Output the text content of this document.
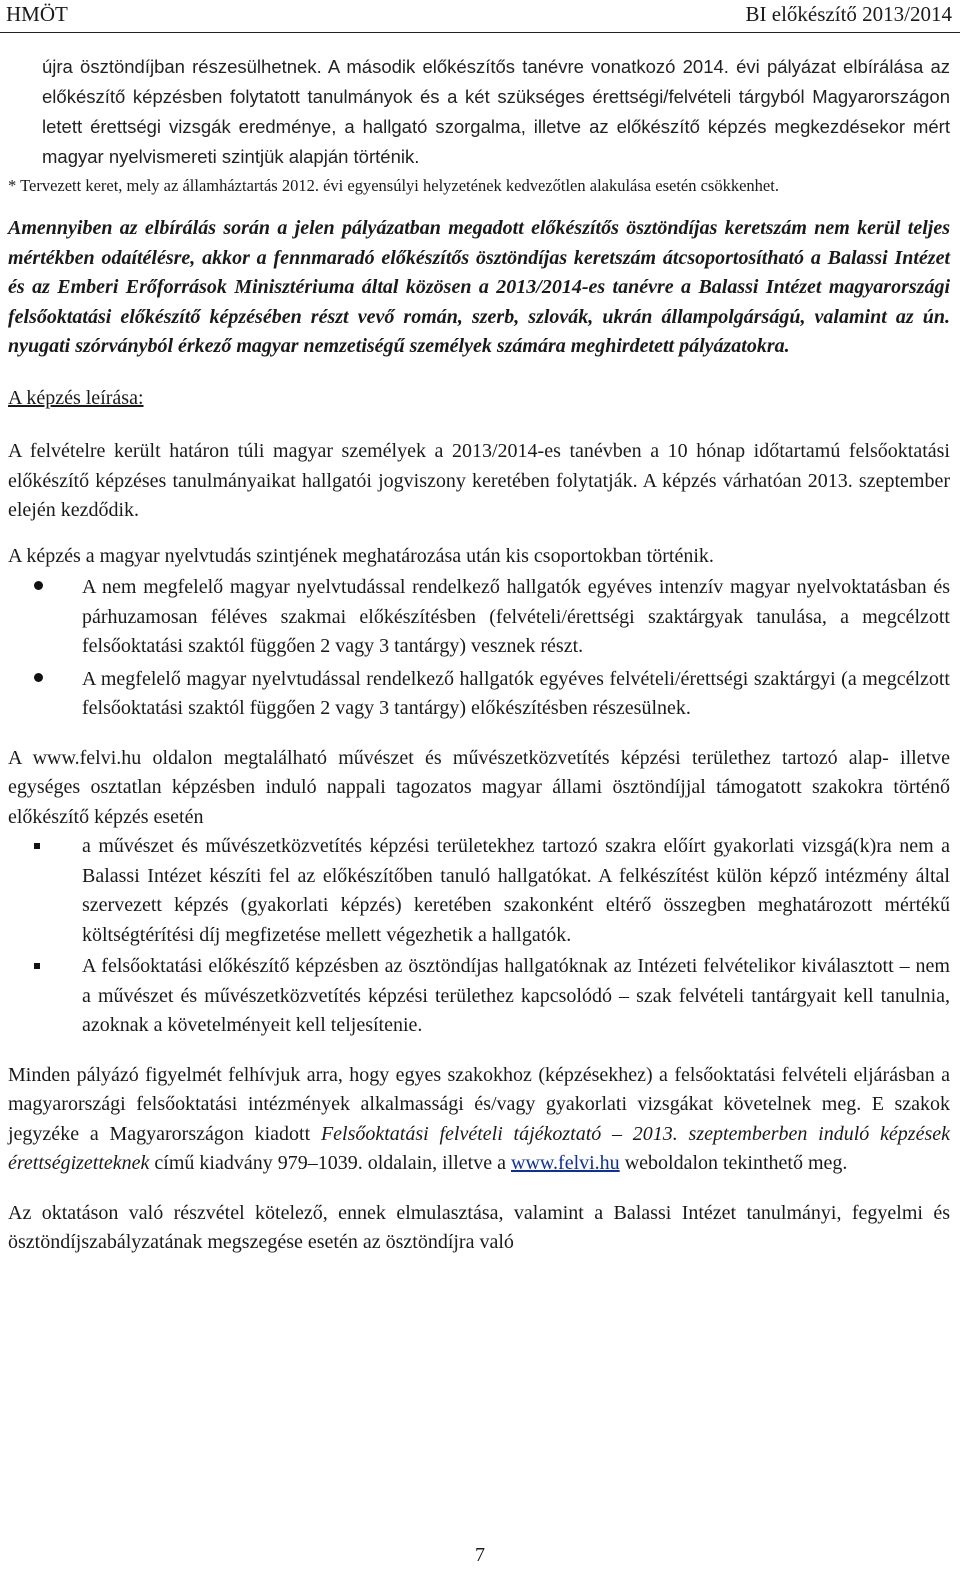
HMÖT	BI előkészítő 2013/2014

újra ösztöndíjban részesülhetnek. A második előkészítős tanévre vonatkozó 2014. évi pályázat elbírálása az előkészítő képzésben folytatott tanulmányok és a két szükséges érettségi/felvételi tárgyból Magyarországon letett érettségi vizsgák eredménye, a hallgató szorgalma, illetve az előkészítő képzés megkezdésekor mért magyar nyelvismereti szintjük alapján történik.

* Tervezett keret, mely az államháztartás 2012. évi egyensúlyi helyzetének kedvezőtlen alakulása esetén csökkenhet.

Amennyiben az elbírálás során a jelen pályázatban megadott előkészítős ösztöndíjas keretszám nem kerül teljes mértékben odaítélésre, akkor a fennmaradó előkészítős ösztöndíjas keretszám átcsoportosítható a Balassi Intézet és az Emberi Erőforrások Minisztériuma által közösen a 2013/2014-es tanévre a Balassi Intézet magyarországi felsőoktatási előkészítő képzésében részt vevő román, szerb, szlovák, ukrán állampolgárságú, valamint az ún. nyugati szórványból érkező magyar nemzetiségű személyek számára meghirdetett pályázatokra.

A képzés leírása:

A felvételre került határon túli magyar személyek a 2013/2014-es tanévben a 10 hónap időtartamú felsőoktatási előkészítő képzéses tanulmányaikat hallgatói jogviszony keretében folytatják. A képzés várhatóan 2013. szeptember elején kezdődik.

A képzés a magyar nyelvtudás szintjének meghatározása után kis csoportokban történik.

A nem megfelelő magyar nyelvtudással rendelkező hallgatók egyéves intenzív magyar nyelvoktatásban és párhuzamosan féléves szakmai előkészítésben (felvételi/érettségi szaktárgyak tanulása, a megcélzott felsőoktatási szaktól függően 2 vagy 3 tantárgy) vesznek részt.
A megfelelő magyar nyelvtudással rendelkező hallgatók egyéves felvételi/érettségi szaktárgyi (a megcélzott felsőoktatási szaktól függően 2 vagy 3 tantárgy) előkészítésben részesülnek.

A www.felvi.hu oldalon megtalálható művészet és művészetközvetítés képzési területhez tartozó alap- illetve egységes osztatlan képzésben induló nappali tagozatos magyar állami ösztöndíjjal támogatott szakokra történő előkészítő képzés esetén

a művészet és művészetközvetítés képzési területekhez tartozó szakra előírt gyakorlati vizsgá(k)ra nem a Balassi Intézet készíti fel az előkészítőben tanuló hallgatókat. A felkészítést külön képző intézmény által szervezett képzés (gyakorlati képzés) keretében szakonként eltérő összegben meghatározott mértékű költségtérítési díj megfizetése mellett végezhetik a hallgatók.
A felsőoktatási előkészítő képzésben az ösztöndíjas hallgatóknak az Intézeti felvételikor kiválasztott – nem a művészet és művészetközvetítés képzési területhez kapcsolódó – szak felvételi tantárgyait kell tanulnia, azoknak a követelményeit kell teljesítenie.

Minden pályázó figyelmét felhívjuk arra, hogy egyes szakokhoz (képzésekhez) a felsőoktatási felvételi eljárásban a magyarországi felsőoktatási intézmények alkalmassági és/vagy gyakorlati vizsgákat követelnek meg. E szakok jegyzéke a Magyarországon kiadott Felsőoktatási felvételi tájékoztató – 2013. szeptemberben induló képzések érettségizetteknek című kiadvány 979–1039. oldalain, illetve a www.felvi.hu weboldalon tekinthető meg.

Az oktatáson való részvétel kötelező, ennek elmulasztása, valamint a Balassi Intézet tanulmányi, fegyelmi és ösztöndíjszabályzatának megszegése esetén az ösztöndíjra való

7
